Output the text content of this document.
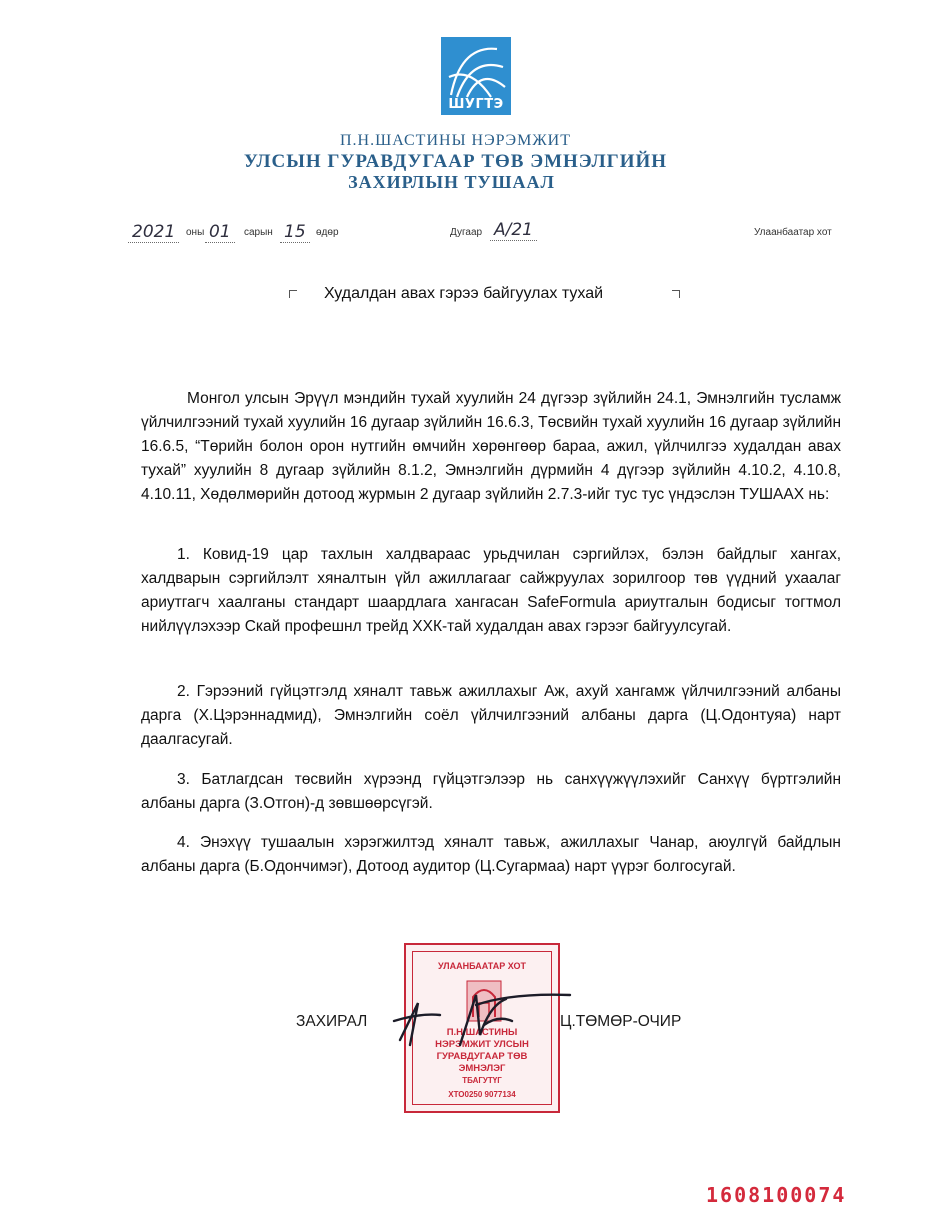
ШУГТЭ
П.Н.ШАСТИНЫ НЭРЭМЖИТ
УЛСЫН ГУРАВДУГААР ТӨВ ЭМНЭЛГИЙН
ЗАХИРЛЫН ТУШААЛ
2021	оны 01	сарын 15	өдөр	Дугаар А/21	Улаанбаатар хот
Худалдан авах гэрээ байгуулах тухай
Монгол улсын Эрүүл мэндийн тухай хуулийн 24 дүгээр зүйлийн 24.1, Эмнэлгийн тусламж үйлчилгээний тухай хуулийн 16 дугаар зүйлийн 16.6.3, Төсвийн тухай хуулийн 16 дугаар зүйлийн 16.6.5, “Төрийн болон орон нутгийн өмчийн хөрөнгөөр бараа, ажил, үйлчилгээ худалдан авах тухай” хуулийн 8 дугаар зүйлийн 8.1.2, Эмнэлгийн дүрмийн 4 дүгээр зүйлийн 4.10.2, 4.10.8, 4.10.11, Хөдөлмөрийн дотоод журмын 2 дугаар зүйлийн 2.7.3-ийг тус тус үндэслэн ТУШААХ нь:
1. Ковид-19 цар тахлын халдвараас урьдчилан сэргийлэх, бэлэн байдлыг хангах, халдварын сэргийлэлт хяналтын үйл ажиллагааг сайжруулах зорилгоор төв үүдний ухаалаг ариутгагч хаалганы стандарт шаардлага хангасан SafeFormula ариутгалын бодисыг тогтмол нийлүүлэхээр Скай профешнл трейд ХХК-тай худалдан авах гэрээг байгуулсугай.
2. Гэрээний гүйцэтгэлд хяналт тавьж ажиллахыг Аж, ахуй хангамж үйлчилгээний албаны дарга (Х.Цэрэннадмид), Эмнэлгийн соёл үйлчилгээний албаны дарга (Ц.Одонтуяа) нарт даалгасугай.
3. Батлагдсан төсвийн хүрээнд гүйцэтгэлээр нь санхүүжүүлэхийг Санхүү бүртгэлийн албаны дарга (З.Отгон)-д зөвшөөрсүгэй.
4. Энэхүү тушаалын хэрэгжилтэд хяналт тавьж, ажиллахыг Чанар, аюулгүй байдлын албаны дарга (Б.Одончимэг), Дотоод аудитор (Ц.Сугармаа) нарт үүрэг болгосугай.
УЛААНБААТАР ХОТ
П.Н.ШАСТИНЫ
НЭРЭМЖИТ УЛСЫН
ГУРАВДУГААР ТӨВ
ЭМНЭЛЭГ
ТБАГУТҮГ
ХТО0250 9077134
ЗАХИРАЛ	Ц.ТӨМӨР-ОЧИР
1608100074
